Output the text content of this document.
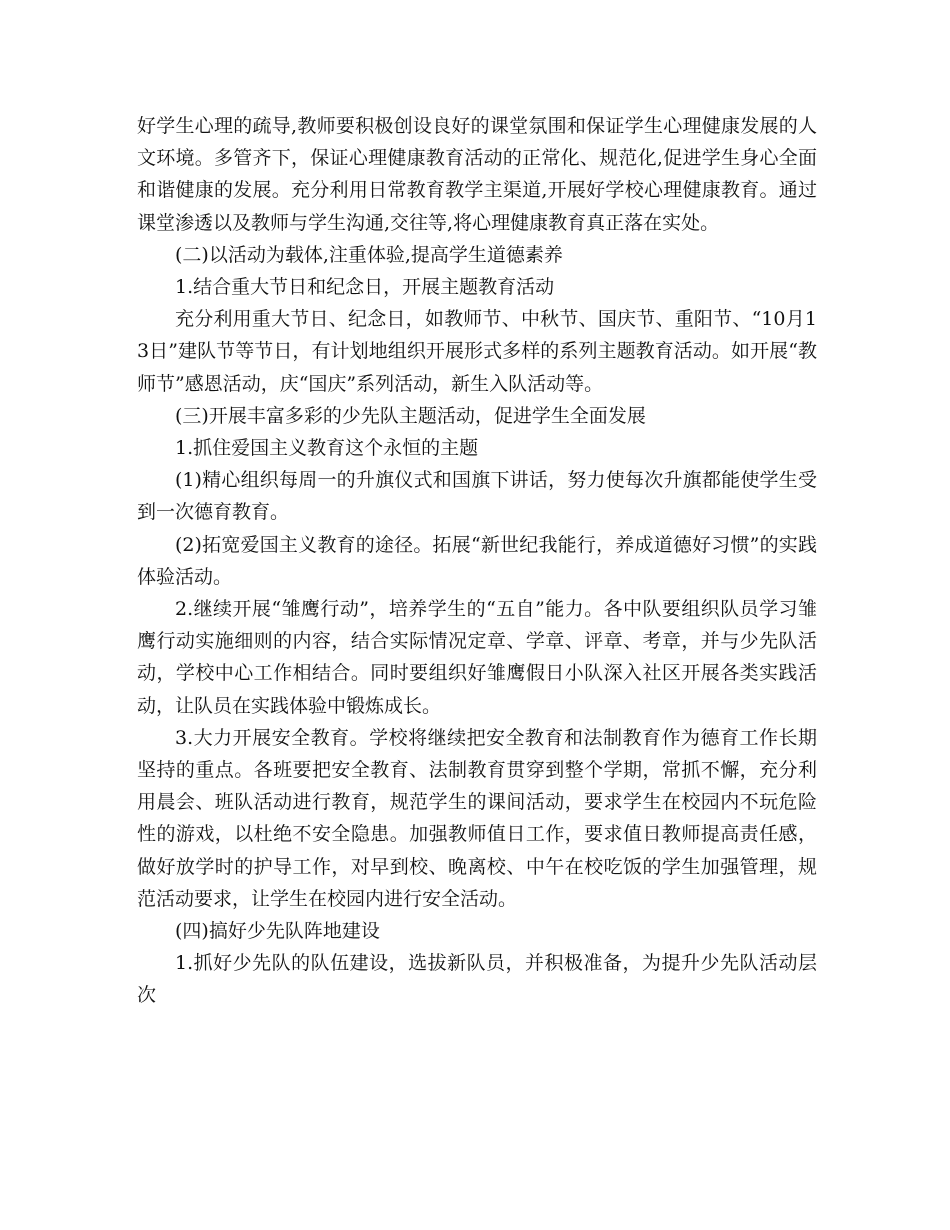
好学生心理的疏导,教师要积极创设良好的课堂氛围和保证学生心理健康发展的人文环境。多管齐下，保证心理健康教育活动的正常化、规范化,促进学生身心全面和谐健康的发展。充分利用日常教育教学主渠道,开展好学校心理健康教育。通过课堂渗透以及教师与学生沟通,交往等,将心理健康教育真正落在实处。

(二)以活动为载体,注重体验,提高学生道德素养

1.结合重大节日和纪念日，开展主题教育活动

充分利用重大节日、纪念日，如教师节、中秋节、国庆节、重阳节、“10月13日”建队节等节日，有计划地组织开展形式多样的系列主题教育活动。如开展“教师节”感恩活动，庆“国庆”系列活动，新生入队活动等。

(三)开展丰富多彩的少先队主题活动，促进学生全面发展

1.抓住爱国主义教育这个永恒的主题

(1)精心组织每周一的升旗仪式和国旗下讲话，努力使每次升旗都能使学生受到一次德育教育。

(2)拓宽爱国主义教育的途径。拓展“新世纪我能行，养成道德好习惯”的实践体验活动。

2.继续开展“雏鹰行动”，培养学生的“五自”能力。各中队要组织队员学习雏鹰行动实施细则的内容，结合实际情况定章、学章、评章、考章，并与少先队活动，学校中心工作相结合。同时要组织好雏鹰假日小队深入社区开展各类实践活动，让队员在实践体验中锻炼成长。

3.大力开展安全教育。学校将继续把安全教育和法制教育作为德育工作长期坚持的重点。各班要把安全教育、法制教育贯穿到整个学期，常抓不懈，充分利用晨会、班队活动进行教育，规范学生的课间活动，要求学生在校园内不玩危险性的游戏，以杜绝不安全隐患。加强教师值日工作，要求值日教师提高责任感，做好放学时的护导工作，对早到校、晚离校、中午在校吃饭的学生加强管理，规范活动要求，让学生在校园内进行安全活动。

(四)搞好少先队阵地建设

1.抓好少先队的队伍建设，选拔新队员，并积极准备，为提升少先队活动层次
